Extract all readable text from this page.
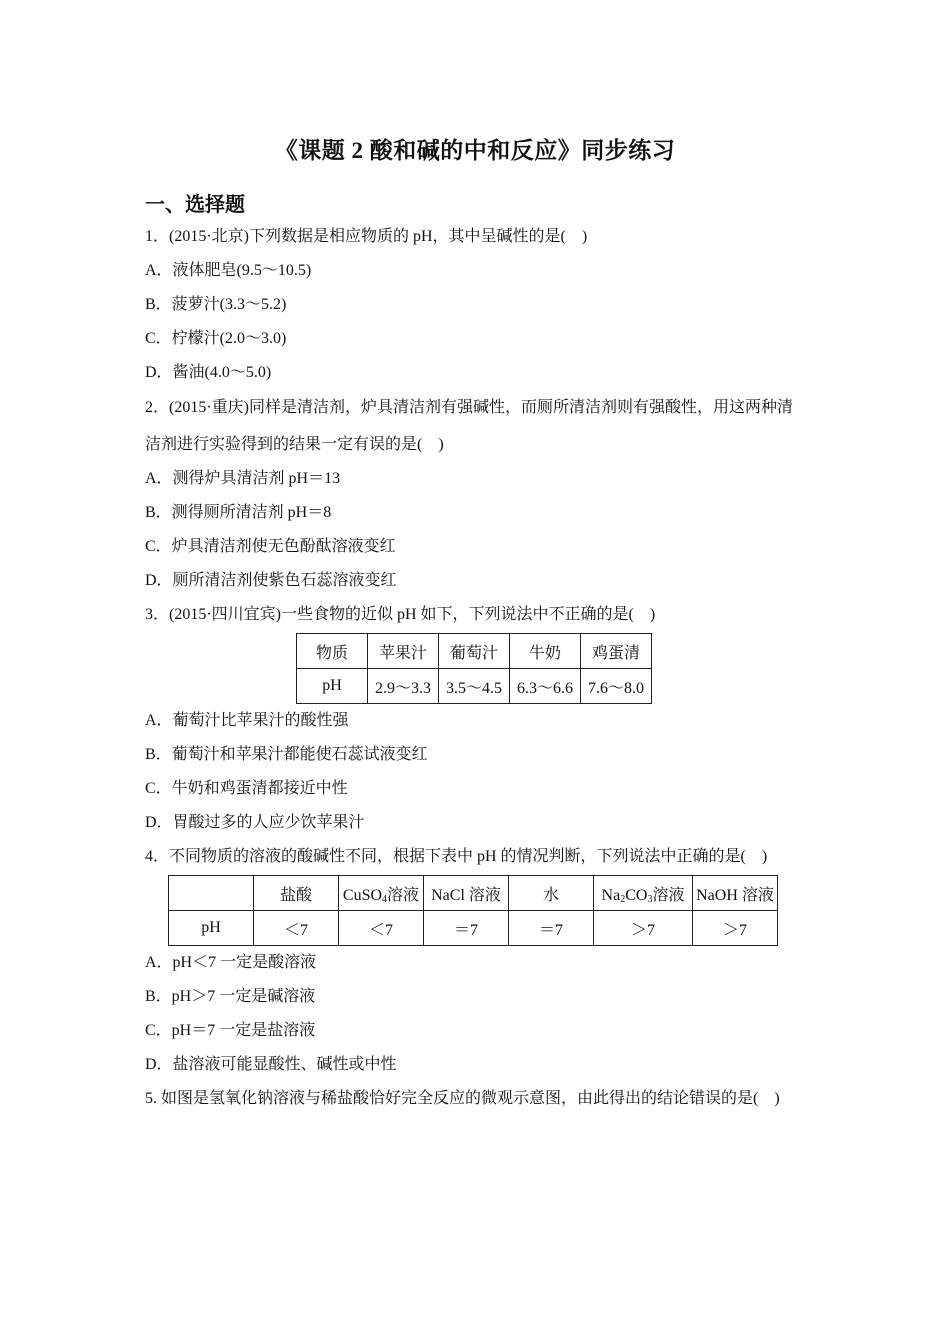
《课题 2 酸和碱的中和反应》同步练习
一、选择题
1．(2015·北京)下列数据是相应物质的 pH，其中呈碱性的是(　)
A．液体肥皂(9.5～10.5)
B．菠萝汁(3.3～5.2)
C．柠檬汁(2.0～3.0)
D．酱油(4.0～5.0)
2．(2015·重庆)同样是清洁剂，炉具清洁剂有强碱性，而厕所清洁剂则有强酸性，用这两种清
洁剂进行实验得到的结果一定有误的是(　)
A．测得炉具清洁剂 pH＝13
B．测得厕所清洁剂 pH＝8
C．炉具清洁剂使无色酚酞溶液变红
D．厕所清洁剂使紫色石蕊溶液变红
3．(2015·四川宜宾)一些食物的近似 pH 如下，下列说法中不正确的是(　)
物质	苹果汁	葡萄汁	牛奶	鸡蛋清
pH	2.9～3.3	3.5～4.5	6.3～6.6	7.6～8.0
A．葡萄汁比苹果汁的酸性强
B．葡萄汁和苹果汁都能使石蕊试液变红
C．牛奶和鸡蛋清都接近中性
D．胃酸过多的人应少饮苹果汁
4．不同物质的溶液的酸碱性不同，根据下表中 pH 的情况判断，下列说法中正确的是(　)
	盐酸	CuSO$_4$溶液	NaCl 溶液	水	$Na_2CO_3$溶液	NaOH 溶液
pH	＜7	＜7	＝7	＝7	＞7	＞7
A．pH＜7 一定是酸溶液
B．pH＞7 一定是碱溶液
C．pH＝7 一定是盐溶液
D．盐溶液可能显酸性、碱性或中性
5. 如图是氢氧化钠溶液与稀盐酸恰好完全反应的微观示意图，由此得出的结论错误的是(　)
